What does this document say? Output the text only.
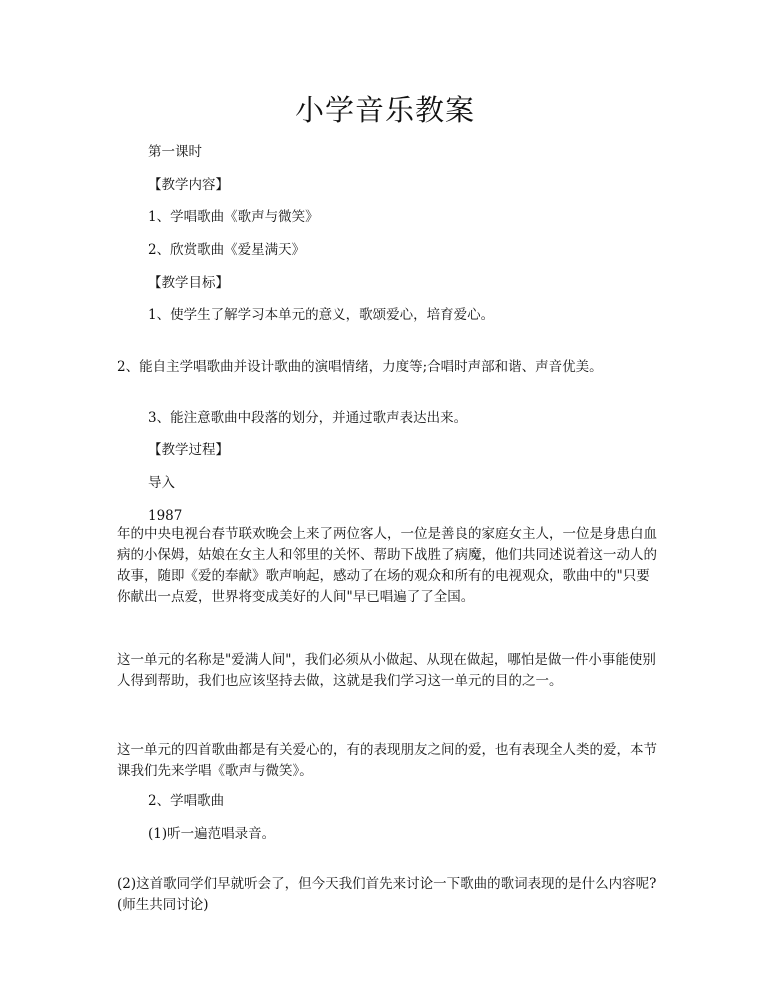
小学音乐教案

第一课时

【教学内容】

1、学唱歌曲《歌声与微笑》

2、欣赏歌曲《爱星满天》

【教学目标】

1、使学生了解学习本单元的意义，歌颂爱心，培育爱心。

2、能自主学唱歌曲并设计歌曲的演唱情绪，力度等;合唱时声部和谐、声音优美。

3、能注意歌曲中段落的划分，并通过歌声表达出来。

【教学过程】

导入

1987

年的中央电视台春节联欢晚会上来了两位客人，一位是善良的家庭女主人，一位是身患白血病的小保姆，姑娘在女主人和邻里的关怀、帮助下战胜了病魔，他们共同述说着这一动人的故事，随即《爱的奉献》歌声响起，感动了在场的观众和所有的电视观众，歌曲中的"只要你献出一点爱，世界将变成美好的人间"早已唱遍了了全国。

这一单元的名称是"爱满人间"，我们必须从小做起、从现在做起，哪怕是做一件小事能使别人得到帮助，我们也应该坚持去做，这就是我们学习这一单元的目的之一。

这一单元的四首歌曲都是有关爱心的，有的表现朋友之间的爱，也有表现全人类的爱，本节课我们先来学唱《歌声与微笑》。

2、学唱歌曲

(1)听一遍范唱录音。

(2)这首歌同学们早就听会了，但今天我们首先来讨论一下歌曲的歌词表现的是什么内容呢?(师生共同讨论)
